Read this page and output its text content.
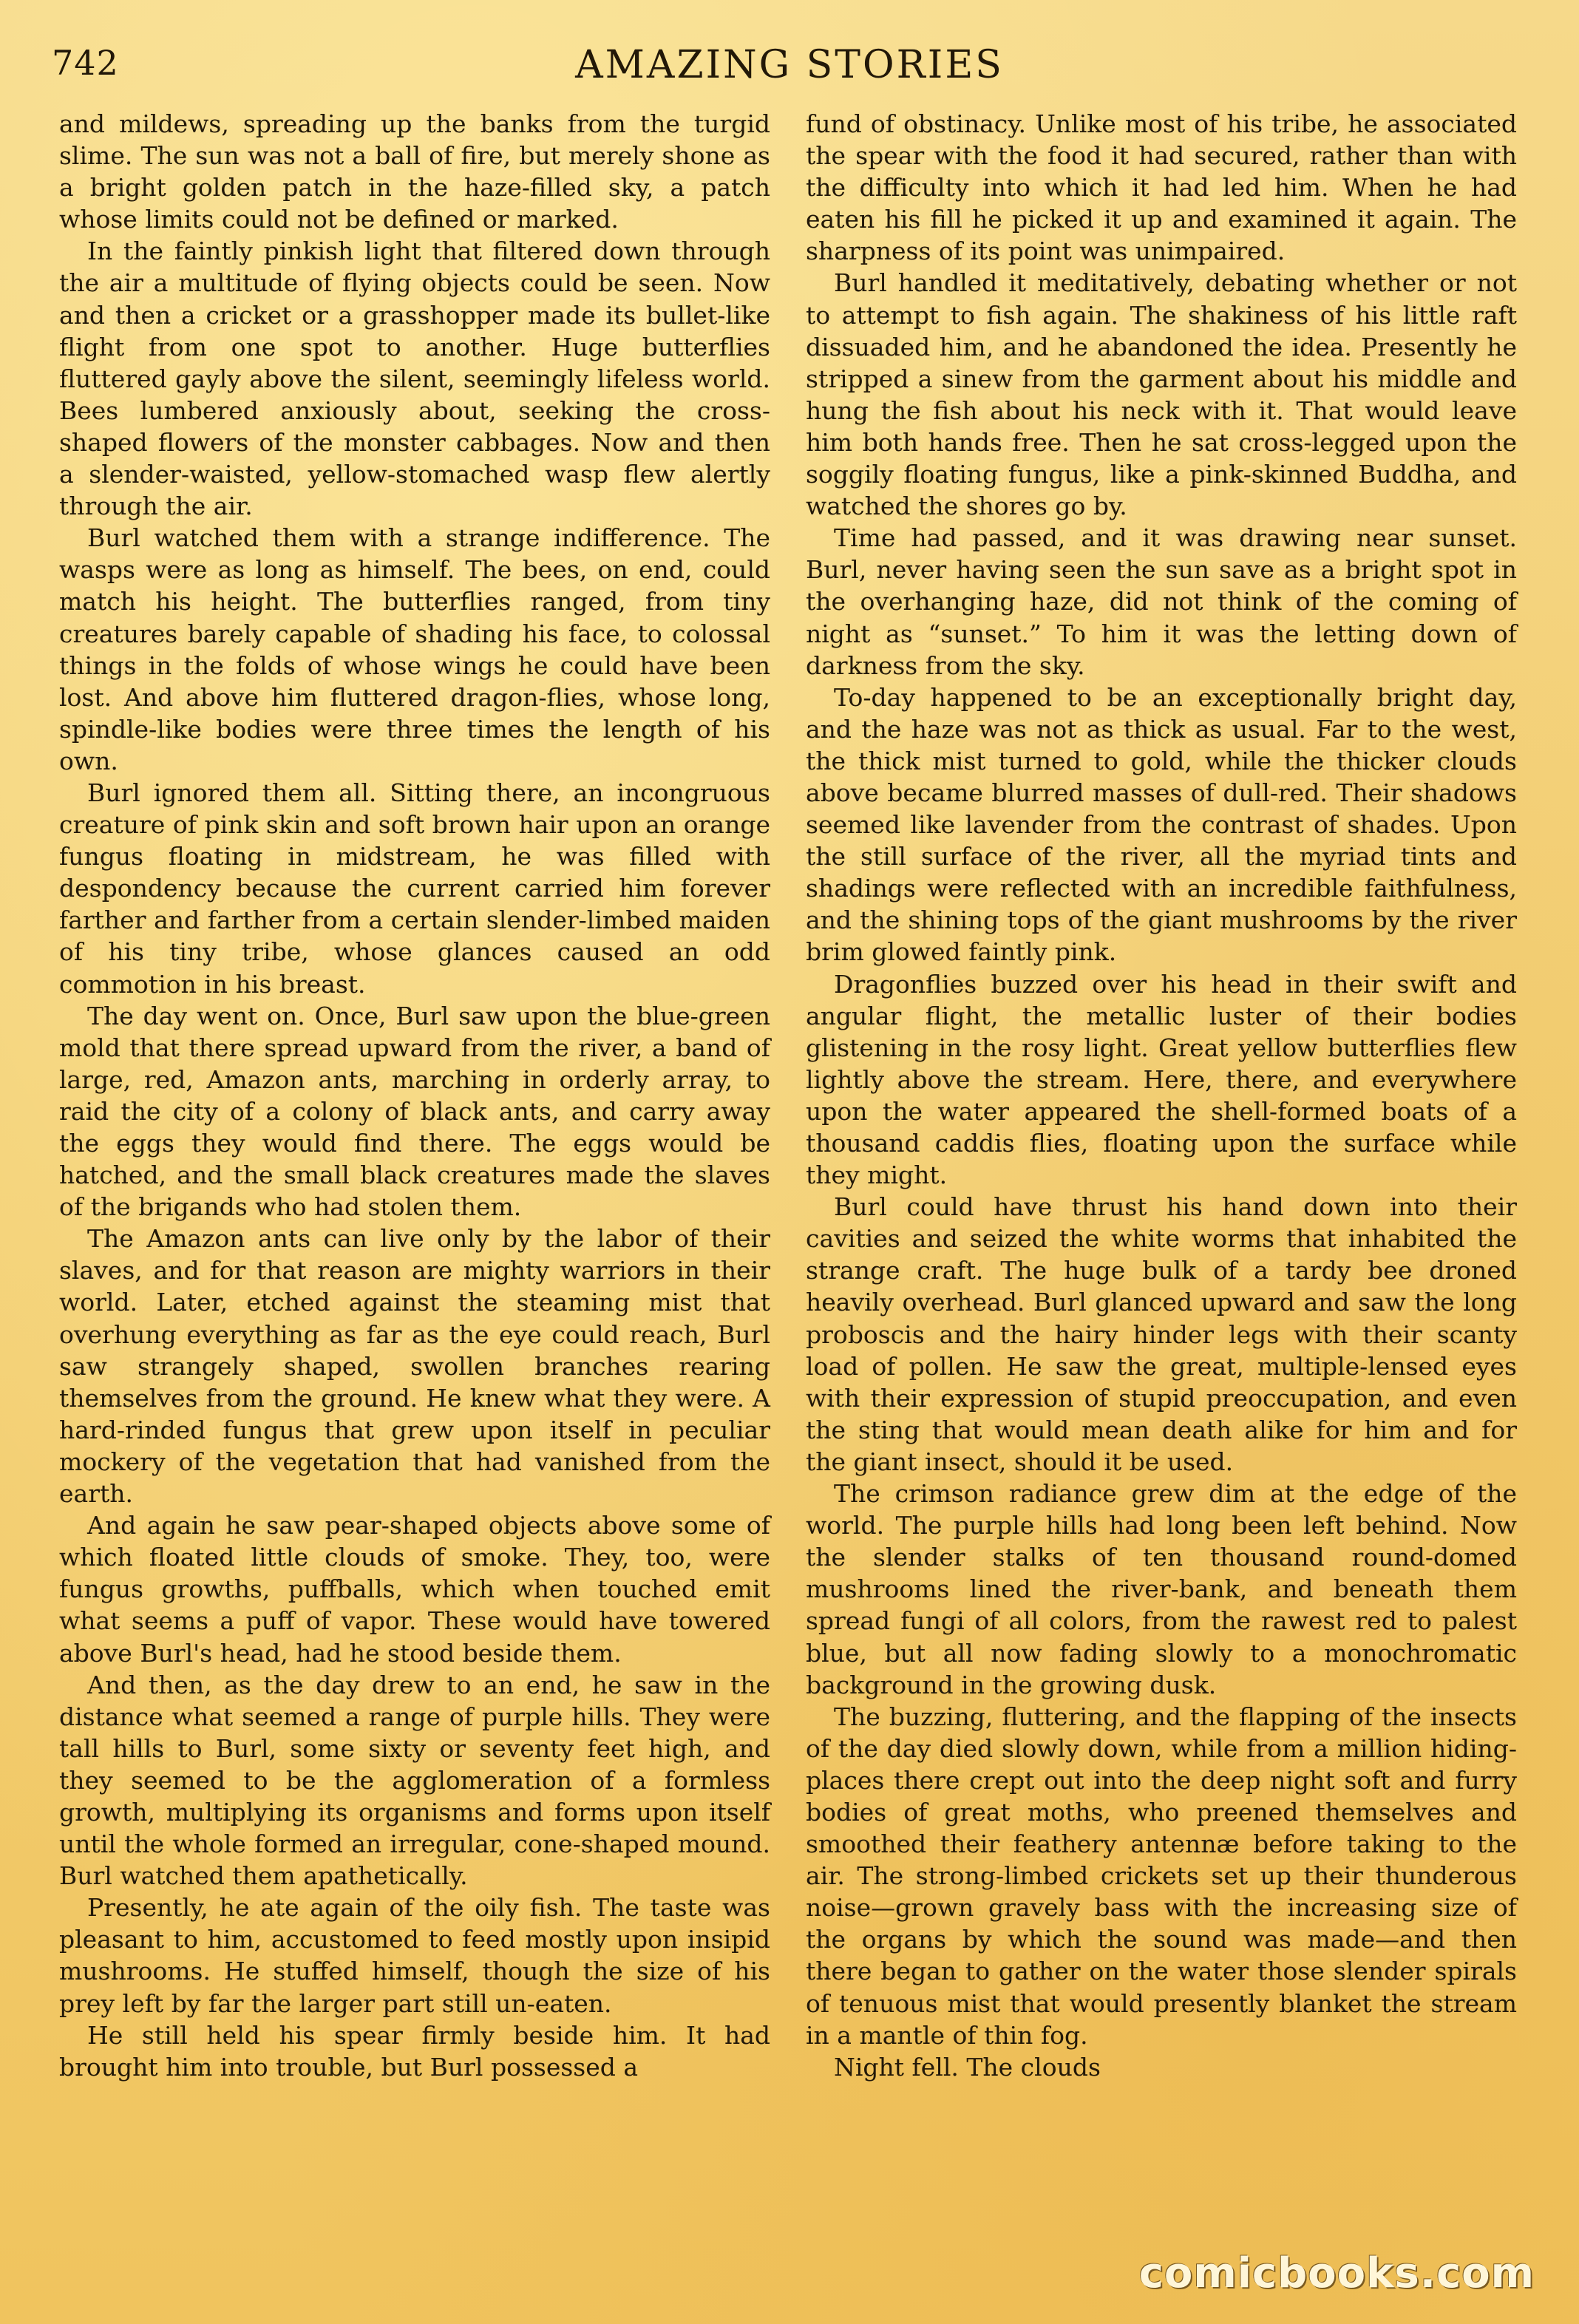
742	AMAZING STORIES

and mildews, spreading up the banks from the turgid slime. The sun was not a ball of fire, but merely shone as a bright golden patch in the haze-filled sky, a patch whose limits could not be defined or marked.

In the faintly pinkish light that filtered down through the air a multitude of flying objects could be seen. Now and then a cricket or a grasshopper made its bullet-like flight from one spot to another. Huge butterflies fluttered gayly above the silent, seemingly lifeless world. Bees lumbered anxiously about, seeking the cross-shaped flowers of the monster cabbages. Now and then a slender-waisted, yellow-stomached wasp flew alertly through the air.

Burl watched them with a strange indifference. The wasps were as long as himself. The bees, on end, could match his height. The butterflies ranged, from tiny creatures barely capable of shading his face, to colossal things in the folds of whose wings he could have been lost. And above him fluttered dragon-flies, whose long, spindle-like bodies were three times the length of his own.

Burl ignored them all. Sitting there, an incongruous creature of pink skin and soft brown hair upon an orange fungus floating in midstream, he was filled with despondency because the current carried him forever farther and farther from a certain slender-limbed maiden of his tiny tribe, whose glances caused an odd commotion in his breast.

The day went on. Once, Burl saw upon the blue-green mold that there spread upward from the river, a band of large, red, Amazon ants, marching in orderly array, to raid the city of a colony of black ants, and carry away the eggs they would find there. The eggs would be hatched, and the small black creatures made the slaves of the brigands who had stolen them.

The Amazon ants can live only by the labor of their slaves, and for that reason are mighty warriors in their world. Later, etched against the steaming mist that overhung everything as far as the eye could reach, Burl saw strangely shaped, swollen branches rearing themselves from the ground. He knew what they were. A hard-rinded fungus that grew upon itself in peculiar mockery of the vegetation that had vanished from the earth.

And again he saw pear-shaped objects above some of which floated little clouds of smoke. They, too, were fungus growths, puffballs, which when touched emit what seems a puff of vapor. These would have towered above Burl's head, had he stood beside them.

And then, as the day drew to an end, he saw in the distance what seemed a range of purple hills. They were tall hills to Burl, some sixty or seventy feet high, and they seemed to be the agglomeration of a formless growth, multiplying its organisms and forms upon itself until the whole formed an irregular, cone-shaped mound. Burl watched them apathetically.

Presently, he ate again of the oily fish. The taste was pleasant to him, accustomed to feed mostly upon insipid mushrooms. He stuffed himself, though the size of his prey left by far the larger part still un-eaten.

He still held his spear firmly beside him. It had brought him into trouble, but Burl possessed a

fund of obstinacy. Unlike most of his tribe, he associated the spear with the food it had secured, rather than with the difficulty into which it had led him. When he had eaten his fill he picked it up and examined it again. The sharpness of its point was unimpaired.

Burl handled it meditatively, debating whether or not to attempt to fish again. The shakiness of his little raft dissuaded him, and he abandoned the idea. Presently he stripped a sinew from the garment about his middle and hung the fish about his neck with it. That would leave him both hands free. Then he sat cross-legged upon the soggily floating fungus, like a pink-skinned Buddha, and watched the shores go by.

Time had passed, and it was drawing near sunset. Burl, never having seen the sun save as a bright spot in the overhanging haze, did not think of the coming of night as “sunset.” To him it was the letting down of darkness from the sky.

To-day happened to be an exceptionally bright day, and the haze was not as thick as usual. Far to the west, the thick mist turned to gold, while the thicker clouds above became blurred masses of dull-red. Their shadows seemed like lavender from the contrast of shades. Upon the still surface of the river, all the myriad tints and shadings were reflected with an incredible faithfulness, and the shining tops of the giant mushrooms by the river brim glowed faintly pink.

Dragonflies buzzed over his head in their swift and angular flight, the metallic luster of their bodies glistening in the rosy light. Great yellow butterflies flew lightly above the stream. Here, there, and everywhere upon the water appeared the shell-formed boats of a thousand caddis flies, floating upon the surface while they might.

Burl could have thrust his hand down into their cavities and seized the white worms that inhabited the strange craft. The huge bulk of a tardy bee droned heavily overhead. Burl glanced upward and saw the long proboscis and the hairy hinder legs with their scanty load of pollen. He saw the great, multiple-lensed eyes with their expression of stupid preoccupation, and even the sting that would mean death alike for him and for the giant insect, should it be used.

The crimson radiance grew dim at the edge of the world. The purple hills had long been left behind. Now the slender stalks of ten thousand round-domed mushrooms lined the river-bank, and beneath them spread fungi of all colors, from the rawest red to palest blue, but all now fading slowly to a monochromatic background in the growing dusk.

The buzzing, fluttering, and the flapping of the insects of the day died slowly down, while from a million hiding-places there crept out into the deep night soft and furry bodies of great moths, who preened themselves and smoothed their feathery antennæ before taking to the air. The strong-limbed crickets set up their thunderous noise—grown gravely bass with the increasing size of the organs by which the sound was made—and then there began to gather on the water those slender spirals of tenuous mist that would presently blanket the stream in a mantle of thin fog.

Night fell. The clouds

comicbooks.com
